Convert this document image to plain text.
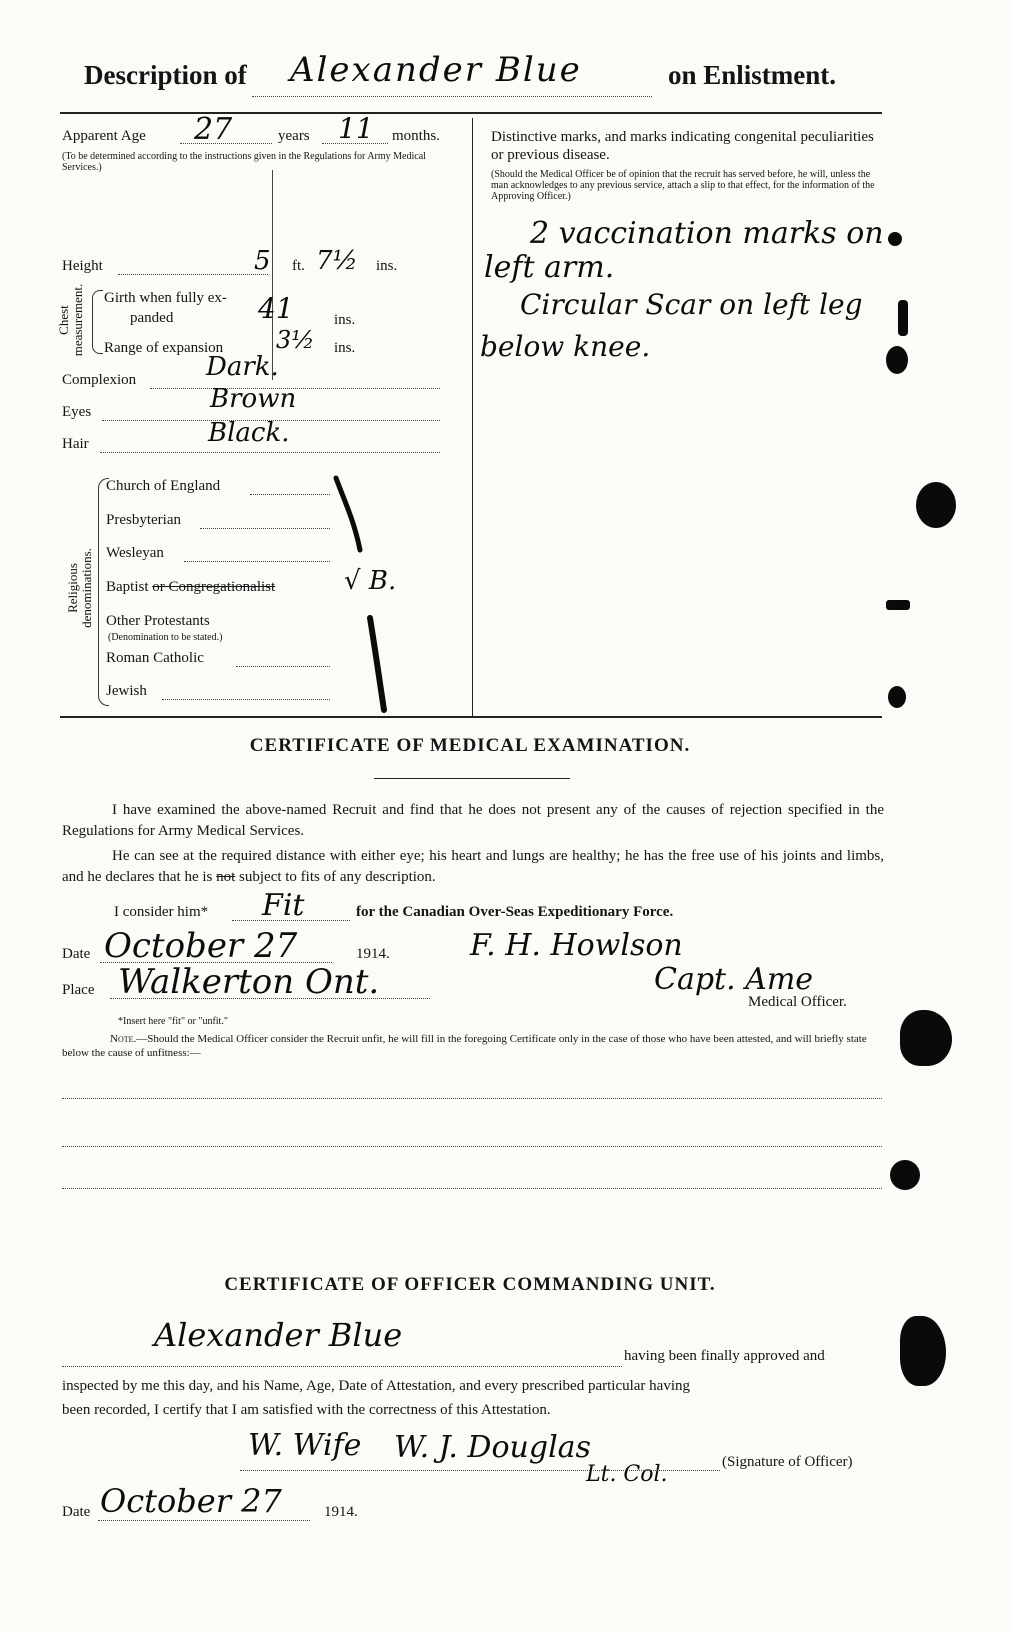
Description of Alexander Blue	on Enlistment.
Apparent Age 27	years 11 months.
(To be determined according to the instructions given in the Regulations for Army Medical Services.)
Height	5 ft. 7½ ins.
Chest measurement. Girth when fully ex-
panded	41	ins.
Range of expansion 3½ ins.
Complexion	Dark.
Eyes	Brown
Hair	Black.
Religious denominations.
Church of England
Presbyterian
Wesleyan
Baptist or Congregationalist	√ B.
Other Protestants
(Denomination to be stated.)
Roman Catholic
Jewish
Distinctive marks, and marks indicating congenital peculiarities or previous disease.
(Should the Medical Officer be of opinion that the recruit has served before, he will, unless the man acknowledges to any previous service, attach a slip to that effect, for the information of the Approving Officer.)
2 vaccination marks on
left arm.
Circular Scar on left leg
below knee.
CERTIFICATE OF MEDICAL EXAMINATION.
I have examined the above-named Recruit and find that he does not present any of the causes of rejection specified in the Regulations for Army Medical Services.
He can see at the required distance with either eye; his heart and lungs are healthy; he has the free use of his joints and limbs, and he declares that he is not subject to fits of any description.
I consider him* Fit	for the Canadian Over-Seas Expeditionary Force.
Date October 27	1914.	F. H. Howlson
Place Walkerton Ont.	Capt. Ame
Medical Officer.
*Insert here "fit" or "unfit."
Note.—Should the Medical Officer consider the Recruit unfit, he will fill in the foregoing Certificate only in the case of those who have been attested, and will briefly state below the cause of unfitness:—
CERTIFICATE OF OFFICER COMMANDING UNIT.
Alexander Blue
having been finally approved and
inspected by me this day, and his Name, Age, Date of Attestation, and every prescribed particular having
been recorded, I certify that I am satisfied with the correctness of this Attestation.
W. Wife W. J. Douglas
Lt. Col.	(Signature of Officer)
Date October 27	1914.
